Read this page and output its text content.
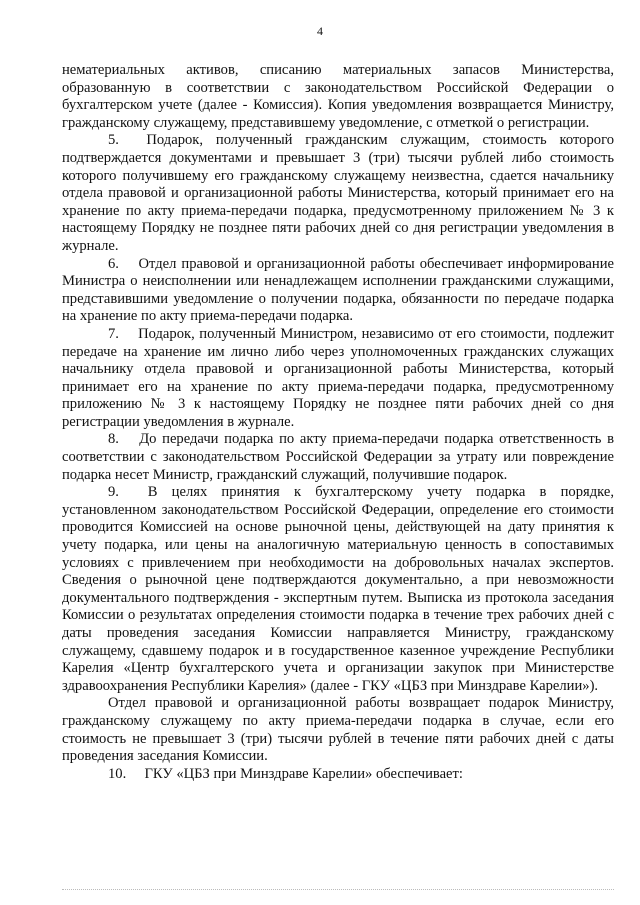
4

нематериальных активов, списанию материальных запасов Министерства, образованную в соответствии с законодательством Российской Федерации о бухгалтерском учете (далее - Комиссия). Копия уведомления возвращается Министру, гражданскому служащему, представившему уведомление, с отметкой о регистрации.

5.  Подарок, полученный гражданским служащим, стоимость которого подтверждается документами и превышает 3 (три) тысячи рублей либо стоимость которого получившему его гражданскому служащему неизвестна, сдается начальнику отдела правовой и организационной работы Министерства, который принимает его на хранение по акту приема-передачи подарка, предусмотренному приложением № 3 к настоящему Порядку не позднее пяти рабочих дней со дня регистрации уведомления в журнале.

6.  Отдел правовой и организационной работы обеспечивает информирование Министра о неисполнении или ненадлежащем исполнении гражданскими служащими, представившими уведомление о получении подарка, обязанности по передаче подарка на хранение по акту приема-передачи подарка.

7.  Подарок, полученный Министром, независимо от его стоимости, подлежит передаче на хранение им лично либо через уполномоченных гражданских служащих начальнику отдела правовой и организационной работы Министерства, который принимает его на хранение по акту приема-передачи подарка, предусмотренному приложению № 3 к настоящему Порядку не позднее пяти рабочих дней со дня регистрации уведомления в журнале.

8.  До передачи подарка по акту приема-передачи подарка ответственность в соответствии с законодательством Российской Федерации за утрату или повреждение подарка несет Министр, гражданский служащий, получившие подарок.

9.  В целях принятия к бухгалтерскому учету подарка в порядке, установленном законодательством Российской Федерации, определение его стоимости проводится Комиссией на основе рыночной цены, действующей на дату принятия к учету подарка, или цены на аналогичную материальную ценность в сопоставимых условиях с привлечением при необходимости на добровольных началах экспертов. Сведения о рыночной цене подтверждаются документально, а при невозможности документального подтверждения - экспертным путем. Выписка из протокола заседания Комиссии о результатах определения стоимости подарка в течение трех рабочих дней с даты проведения заседания Комиссии направляется Министру, гражданскому служащему, сдавшему подарок и в государственное казенное учреждение Республики Карелия «Центр бухгалтерского учета и организации закупок при Министерстве здравоохранения Республики Карелия» (далее - ГКУ «ЦБЗ при Минздраве Карелии»).

Отдел правовой и организационной работы возвращает подарок Министру, гражданскому служащему по акту приема-передачи подарка в случае, если его стоимость не превышает 3 (три) тысячи рублей в течение пяти рабочих дней с даты проведения заседания Комиссии.

10.  ГКУ «ЦБЗ при Минздраве Карелии» обеспечивает:
